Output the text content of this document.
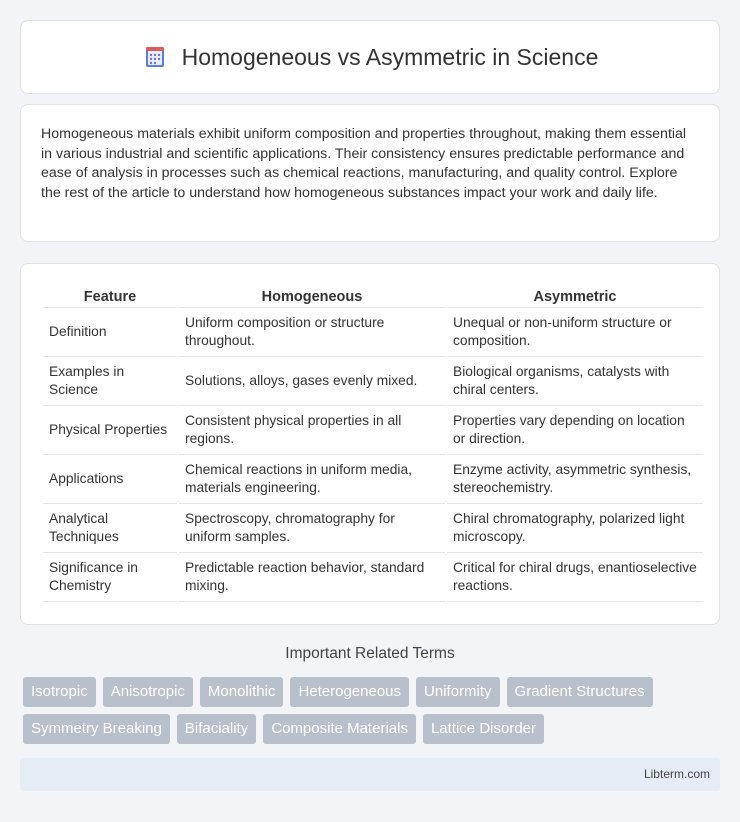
Homogeneous vs Asymmetric in Science

Homogeneous materials exhibit uniform composition and properties throughout, making them essential in various industrial and scientific applications. Their consistency ensures predictable performance and ease of analysis in processes such as chemical reactions, manufacturing, and quality control. Explore the rest of the article to understand how homogeneous substances impact your work and daily life.

Feature	Homogeneous	Asymmetric
Definition	Uniform composition or structure throughout.	Unequal or non-uniform structure or composition.
Examples in Science	Solutions, alloys, gases evenly mixed.	Biological organisms, catalysts with chiral centers.
Physical Properties	Consistent physical properties in all regions.	Properties vary depending on location or direction.
Applications	Chemical reactions in uniform media, materials engineering.	Enzyme activity, asymmetric synthesis, stereochemistry.
Analytical Techniques	Spectroscopy, chromatography for uniform samples.	Chiral chromatography, polarized light microscopy.
Significance in Chemistry	Predictable reaction behavior, standard mixing.	Critical for chiral drugs, enantioselective reactions.
Important Related Terms
Isotropic	Anisotropic	Monolithic	Heterogeneous	Uniformity	Gradient Structures
Symmetry Breaking	Bifaciality	Composite Materials	Lattice Disorder
Libterm.com
